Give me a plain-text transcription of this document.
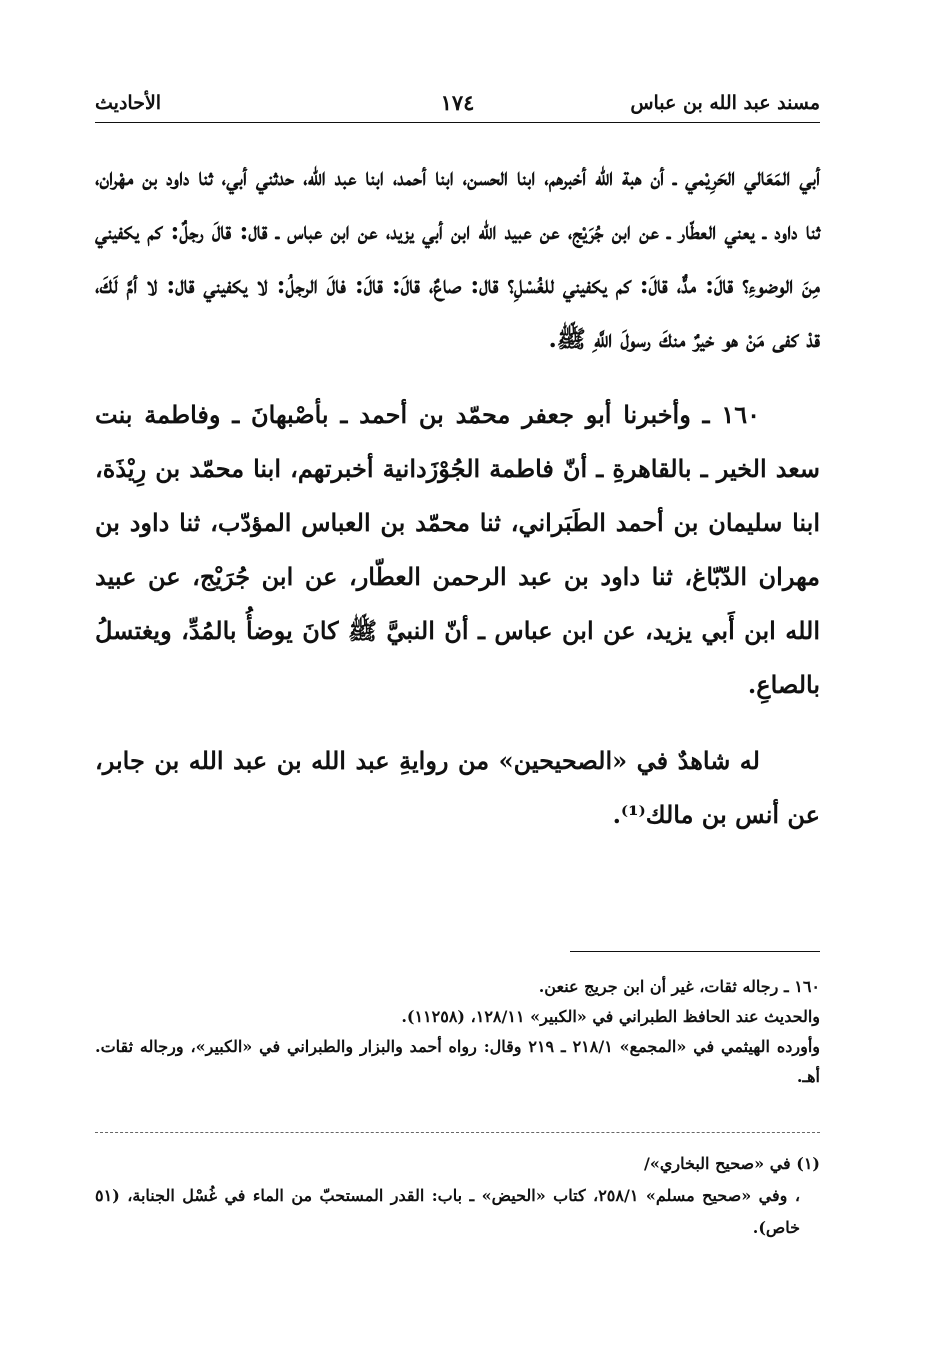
مسند عبد الله بن عباس
١٧٤
الأحاديث

أبي المَعَالي الحَرِيْمي ـ أن هبة الله أخبرهم، ابنا الحسن، ابنا أحمد، ابنا عبد الله، حدثني أبي، ثنا داود بن مهْران، ثنا داود ـ يعني العطّار ـ عن ابن جُرَيْج، عن عبيد الله ابن أبي يزيد، عن ابن عباس ـ قال: قالَ رجلٌ: كم يكفيني مِنَ الوضوءِ؟ قالَ: مدٌّ، قالَ: كم يكفيني للغُسْلِ؟ قال: صاعٌ، قالَ: قالَ: فالَ الرجلُ: لا يكفيني قال: لا أمَّ لَكَ، قدْ كفى مَنْ هو خيرٌ منكَ رسولَ اللَّهِ ﷺ.

١٦٠ ـ وأخبرنا أبو جعفر محمّد بن أحمد ـ بأصْبهانَ ـ وفاطمة بنت سعد الخير ـ بالقاهرةِ ـ أنّ فاطمة الجُوْزَدانية أخبرتهم، ابنا محمّد بن رِيْذَة، ابنا سليمان بن أحمد الطَبَراني، ثنا محمّد بن العباس المؤدّب، ثنا داود بن مهران الدّبّاغ، ثنا داود بن عبد الرحمن العطّار، عن ابن جُرَيْج، عن عبيد الله ابن أَبي يزيد، عن ابن عباس ـ أنّ النبيَّ ﷺ كانَ يوضأُ بالمُدِّ، ويغتسلُ بالصاعِ.

له شاهدٌ في «الصحيحين» من روايةِ عبد الله بن عبد الله بن جابر، عن أنس بن مالك⁽¹⁾.

١٦٠ ـ رجاله ثقات، غير أن ابن جريج عنعن.

والحديث عند الحافظ الطبراني في «الكبير» ١٢٨/١١، (١١٢٥٨).

وأورده الهيثمي في «المجمع» ٢١٨/١ ـ ٢١٩ وقال: رواه أحمد والبزار والطبراني في «الكبير»، ورجاله ثقات. أهـ.

(١) في «صحيح البخاري»/

، وفي «صحيح مسلم» ٢٥٨/١، كتاب «الحيض» ـ باب: القدر المستحبّ من الماء في غُسْل الجنابة، (٥١ خاص).
